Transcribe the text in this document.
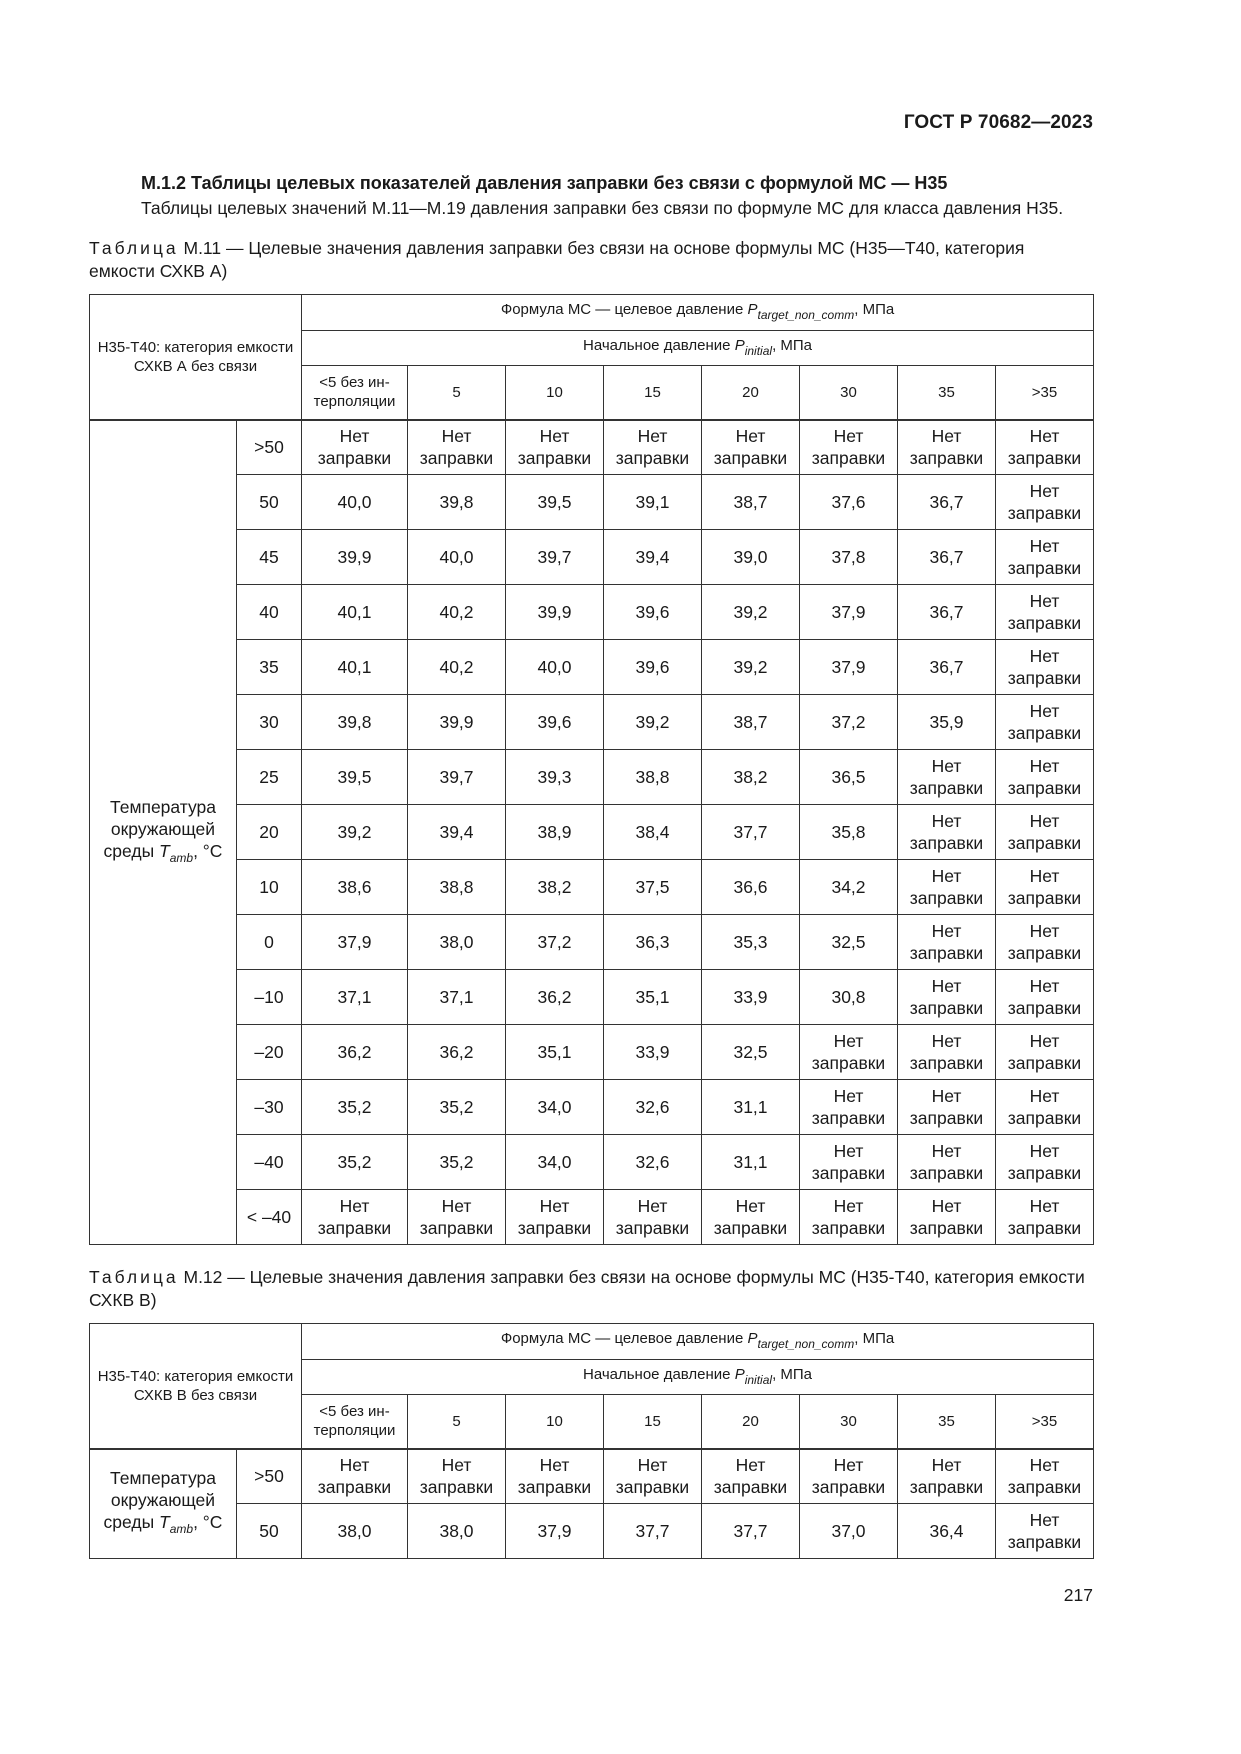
ГОСТ Р 70682—2023
М.1.2 Таблицы целевых показателей давления заправки без связи с формулой МС — Н35
Таблицы целевых значений М.11—М.19 давления заправки без связи по формуле МС для класса давления Н35.
Таблица М.11 — Целевые значения давления заправки без связи на основе формулы МС (Н35—Т40, категория емкости СХКВ А)
Н35-Т40: категория емкости СХКВ А без связи		Формула МС — целевое давление $P_{target\_non\_comm}$, МПа							
		Начальное давление $P_{initial}$, МПа							
		<5 без ин-терполяции	5	10	15	20	30	35	>35
Температура окружающей среды $T_{amb}$, °C	>50	Нет заправки	Нет заправки	Нет заправки	Нет заправки	Нет заправки	Нет заправки	Нет заправки	Нет заправки
	50	40,0	39,8	39,5	39,1	38,7	37,6	36,7	Нет заправки
	45	39,9	40,0	39,7	39,4	39,0	37,8	36,7	Нет заправки
	40	40,1	40,2	39,9	39,6	39,2	37,9	36,7	Нет заправки
	35	40,1	40,2	40,0	39,6	39,2	37,9	36,7	Нет заправки
	30	39,8	39,9	39,6	39,2	38,7	37,2	35,9	Нет заправки
	25	39,5	39,7	39,3	38,8	38,2	36,5	Нет заправки	Нет заправки
	20	39,2	39,4	38,9	38,4	37,7	35,8	Нет заправки	Нет заправки
	10	38,6	38,8	38,2	37,5	36,6	34,2	Нет заправки	Нет заправки
	0	37,9	38,0	37,2	36,3	35,3	32,5	Нет заправки	Нет заправки
	–10	37,1	37,1	36,2	35,1	33,9	30,8	Нет заправки	Нет заправки
	–20	36,2	36,2	35,1	33,9	32,5	Нет заправки	Нет заправки	Нет заправки
	–30	35,2	35,2	34,0	32,6	31,1	Нет заправки	Нет заправки	Нет заправки
	–40	35,2	35,2	34,0	32,6	31,1	Нет заправки	Нет заправки	Нет заправки
	< –40	Нет заправки	Нет заправки	Нет заправки	Нет заправки	Нет заправки	Нет заправки	Нет заправки	Нет заправки
Таблица М.12 — Целевые значения давления заправки без связи на основе формулы МС (Н35-Т40, категория емкости СХКВ В)
Н35-Т40: категория емкости СХКВ В без связи		Формула МС — целевое давление $P_{target\_non\_comm}$, МПа							
		Начальное давление $P_{initial}$, МПа							
		<5 без ин-терполяции	5	10	15	20	30	35	>35
Температура окружающей среды $T_{amb}$, °C	>50	Нет заправки	Нет заправки	Нет заправки	Нет заправки	Нет заправки	Нет заправки	Нет заправки	Нет заправки
	50	38,0	38,0	37,9	37,7	37,7	37,0	36,4	Нет заправки
217
